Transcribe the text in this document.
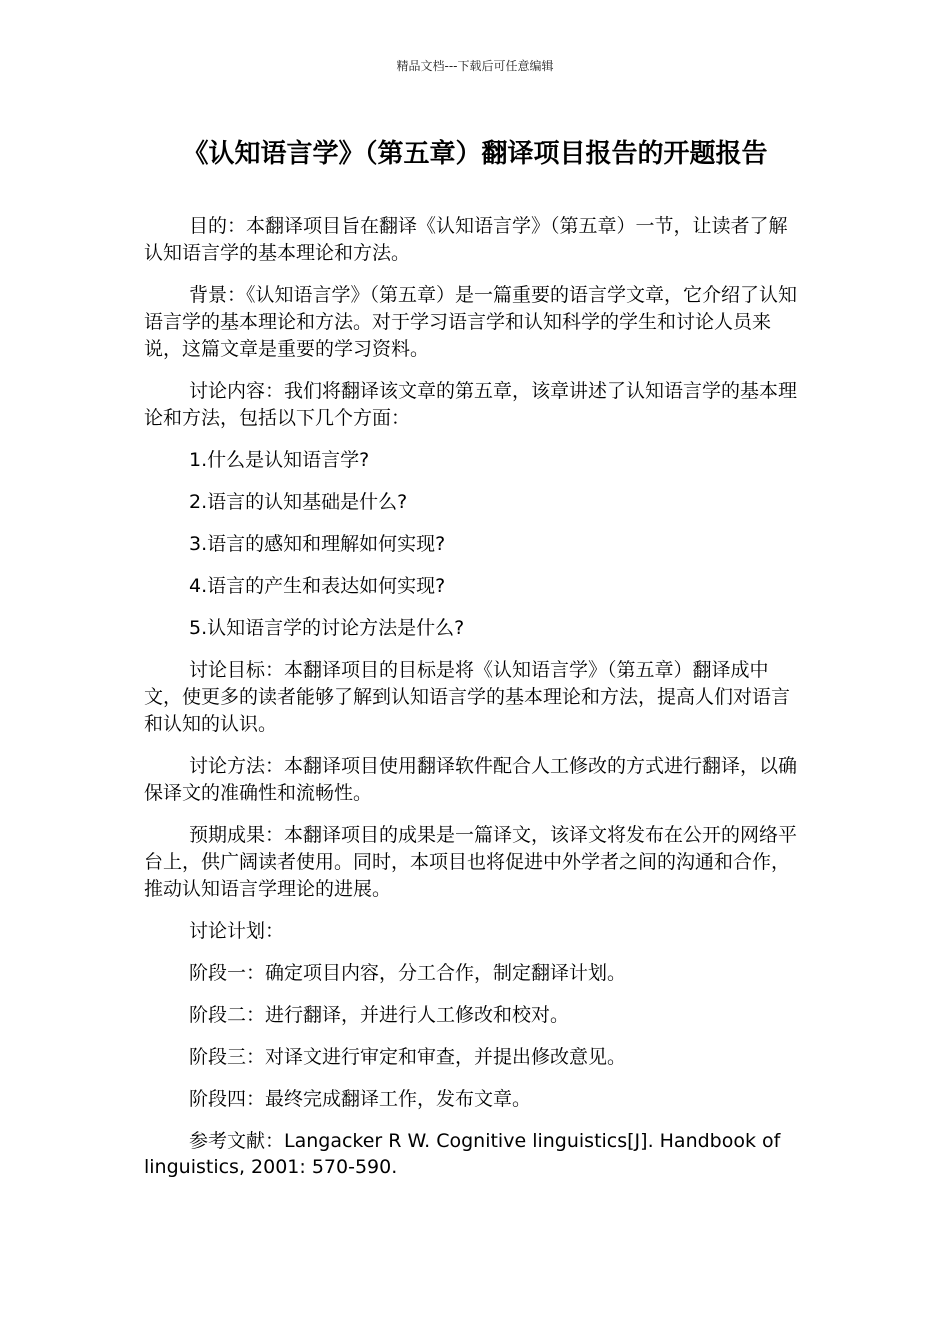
精品文档---下载后可任意编辑
《认知语言学》（第五章）翻译项目报告的开题报告

目的：本翻译项目旨在翻译《认知语言学》（第五章）一节，让读者了解认知语言学的基本理论和方法。

背景：《认知语言学》（第五章）是一篇重要的语言学文章，它介绍了认知语言学的基本理论和方法。对于学习语言学和认知科学的学生和讨论人员来说，这篇文章是重要的学习资料。

讨论内容：我们将翻译该文章的第五章，该章讲述了认知语言学的基本理论和方法，包括以下几个方面：

1.什么是认知语言学?

2.语言的认知基础是什么?

3.语言的感知和理解如何实现?

4.语言的产生和表达如何实现?

5.认知语言学的讨论方法是什么?

讨论目标：本翻译项目的目标是将《认知语言学》（第五章）翻译成中文，使更多的读者能够了解到认知语言学的基本理论和方法，提高人们对语言和认知的认识。

讨论方法：本翻译项目使用翻译软件配合人工修改的方式进行翻译，以确保译文的准确性和流畅性。

预期成果：本翻译项目的成果是一篇译文，该译文将发布在公开的网络平台上，供广阔读者使用。同时，本项目也将促进中外学者之间的沟通和合作，推动认知语言学理论的进展。

讨论计划：

阶段一：确定项目内容，分工合作，制定翻译计划。

阶段二：进行翻译，并进行人工修改和校对。

阶段三：对译文进行审定和审查，并提出修改意见。

阶段四：最终完成翻译工作，发布文章。

参考文献：Langacker R W. Cognitive linguistics[J]. Handbook of linguistics, 2001: 570-590.
